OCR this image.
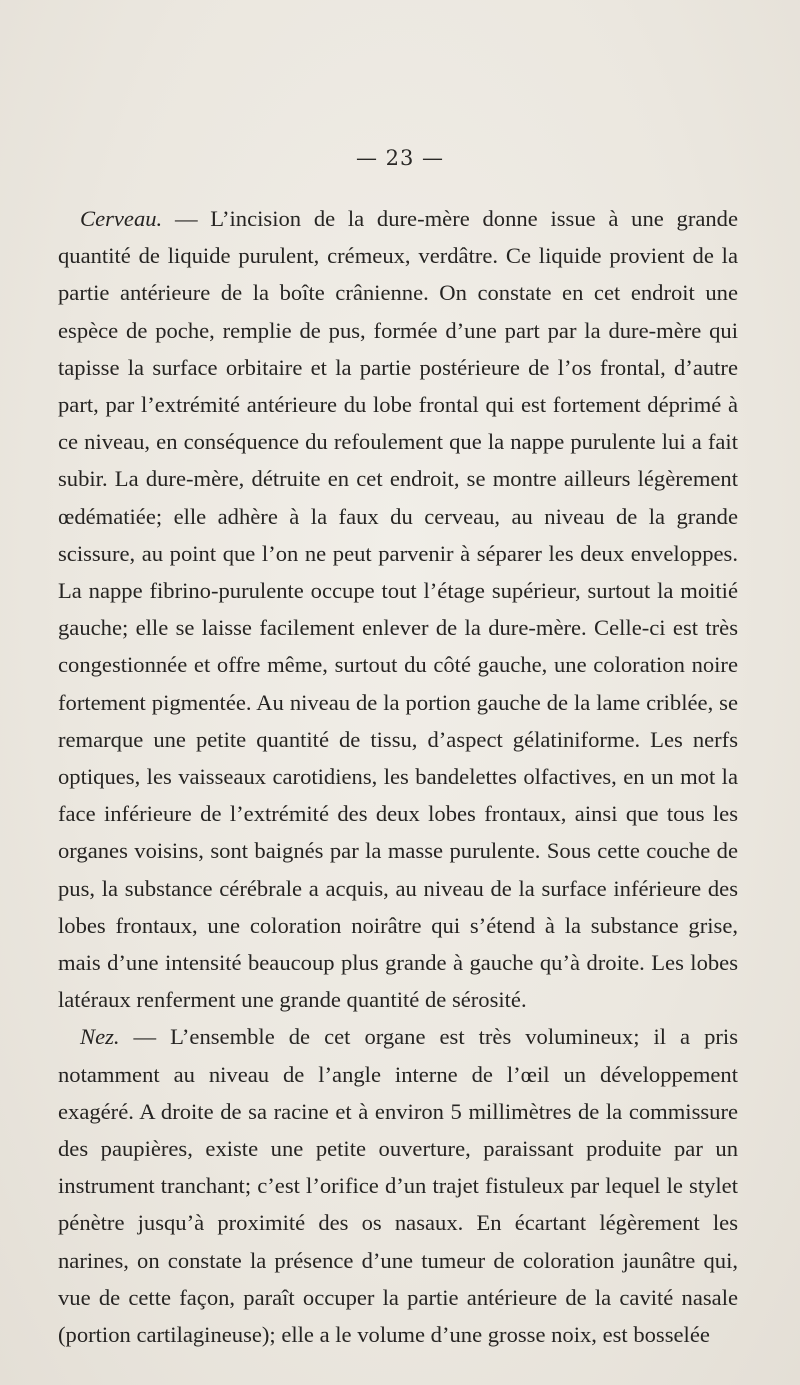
— 23 —

Cerveau. — L’incision de la dure-mère donne issue à une grande quantité de liquide purulent, crémeux, verdâtre. Ce liquide provient de la partie antérieure de la boîte crânienne. On constate en cet endroit une espèce de poche, remplie de pus, formée d’une part par la dure-mère qui tapisse la surface orbitaire et la partie postérieure de l’os frontal, d’autre part, par l’extrémité antérieure du lobe frontal qui est fortement déprimé à ce niveau, en conséquence du refoulement que la nappe purulente lui a fait subir. La dure-mère, détruite en cet endroit, se montre ailleurs légèrement œdématiée; elle adhère à la faux du cerveau, au niveau de la grande scissure, au point que l’on ne peut parvenir à séparer les deux enveloppes. La nappe fibrino-purulente occupe tout l’étage supérieur, surtout la moitié gauche; elle se laisse facilement enlever de la dure-mère. Celle-ci est très congestionnée et offre même, surtout du côté gauche, une coloration noire fortement pigmentée. Au niveau de la portion gauche de la lame criblée, se remarque une petite quantité de tissu, d’aspect gélatiniforme. Les nerfs optiques, les vaisseaux carotidiens, les bandelettes olfactives, en un mot la face inférieure de l’extrémité des deux lobes frontaux, ainsi que tous les organes voisins, sont baignés par la masse purulente. Sous cette couche de pus, la substance cérébrale a acquis, au niveau de la surface inférieure des lobes frontaux, une coloration noirâtre qui s’étend à la substance grise, mais d’une intensité beaucoup plus grande à gauche qu’à droite. Les lobes latéraux renferment une grande quantité de sérosité.

Nez. — L’ensemble de cet organe est très volumineux; il a pris notamment au niveau de l’angle interne de l’œil un développement exagéré. A droite de sa racine et à environ 5 millimètres de la commissure des paupières, existe une petite ouverture, paraissant produite par un instrument tranchant; c’est l’orifice d’un trajet fistuleux par lequel le stylet pénètre jusqu’à proximité des os nasaux. En écartant légèrement les narines, on constate la présence d’une tumeur de coloration jaunâtre qui, vue de cette façon, paraît occuper la partie antérieure de la cavité nasale (portion cartilagineuse); elle a le volume d’une grosse noix, est bosselée
